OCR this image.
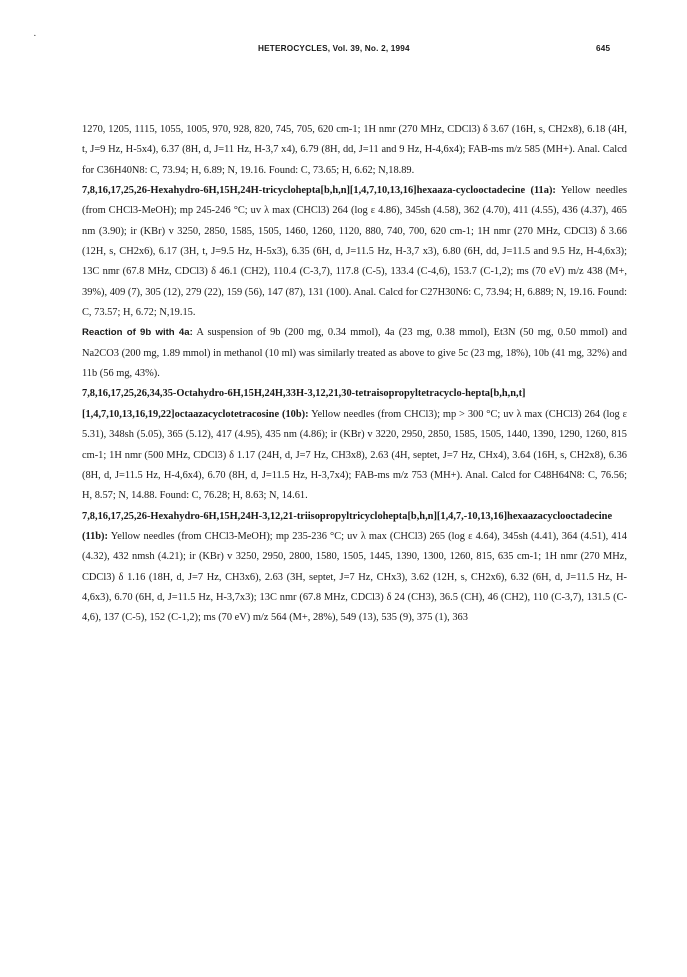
·
HETEROCYCLES, Vol. 39, No. 2, 1994	645

1270, 1205, 1115, 1055, 1005, 970, 928, 820, 745, 705, 620 cm-1; 1H nmr (270 MHz, CDCl3) δ 3.67 (16H, s, CH2x8), 6.18 (4H, t, J=9 Hz, H-5x4), 6.37 (8H, d, J=11 Hz, H-3,7 x4), 6.79 (8H, dd, J=11 and 9 Hz, H-4,6x4); FAB-ms m/z 585 (MH+). Anal. Calcd for C36H40N8: C, 73.94; H, 6.89; N, 19.16. Found: C, 73.65; H, 6.62; N,18.89.

7,8,16,17,25,26-Hexahydro-6H,15H,24H-tricyclohepta[b,h,n][1,4,7,10,13,16]hexaaza-cyclooctadecine (11a): Yellow needles (from CHCl3-MeOH); mp 245-246 °C; uv λ max (CHCl3) 264 (log ε 4.86), 345sh (4.58), 362 (4.70), 411 (4.55), 436 (4.37), 465 nm (3.90); ir (KBr) v 3250, 2850, 1585, 1505, 1460, 1260, 1120, 880, 740, 700, 620 cm-1; 1H nmr (270 MHz, CDCl3) δ 3.66 (12H, s, CH2x6), 6.17 (3H, t, J=9.5 Hz, H-5x3), 6.35 (6H, d, J=11.5 Hz, H-3,7 x3), 6.80 (6H, dd, J=11.5 and 9.5 Hz, H-4,6x3); 13C nmr (67.8 MHz, CDCl3) δ 46.1 (CH2), 110.4 (C-3,7), 117.8 (C-5), 133.4 (C-4,6), 153.7 (C-1,2); ms (70 eV) m/z 438 (M+, 39%), 409 (7), 305 (12), 279 (22), 159 (56), 147 (87), 131 (100). Anal. Calcd for C27H30N6: C, 73.94; H, 6.889; N, 19.16. Found: C, 73.57; H, 6.72; N,19.15.

Reaction of 9b with 4a: A suspension of 9b (200 mg, 0.34 mmol), 4a (23 mg, 0.38 mmol), Et3N (50 mg, 0.50 mmol) and Na2CO3 (200 mg, 1.89 mmol) in methanol (10 ml) was similarly treated as above to give 5c (23 mg, 18%), 10b (41 mg, 32%) and 11b (56 mg, 43%).

7,8,16,17,25,26,34,35-Octahydro-6H,15H,24H,33H-3,12,21,30-tetraisopropyltetracyclo-hepta[b,h,n,t][1,4,7,10,13,16,19,22]octaazacyclotetracosine (10b): Yellow needles (from CHCl3); mp > 300 °C; uv λ max (CHCl3) 264 (log ε 5.31), 348sh (5.05), 365 (5.12), 417 (4.95), 435 nm (4.86); ir (KBr) v 3220, 2950, 2850, 1585, 1505, 1440, 1390, 1290, 1260, 815 cm-1; 1H nmr (500 MHz, CDCl3) δ 1.17 (24H, d, J=7 Hz, CH3x8), 2.63 (4H, septet, J=7 Hz, CHx4), 3.64 (16H, s, CH2x8), 6.36 (8H, d, J=11.5 Hz, H-4,6x4), 6.70 (8H, d, J=11.5 Hz, H-3,7x4); FAB-ms m/z 753 (MH+). Anal. Calcd for C48H64N8: C, 76.56; H, 8.57; N, 14.88. Found: C, 76.28; H, 8.63; N, 14.61.

7,8,16,17,25,26-Hexahydro-6H,15H,24H-3,12,21-triisopropyltricyclohepta[b,h,n][1,4,7,-10,13,16]hexaazacyclooctadecine (11b): Yellow needles (from CHCl3-MeOH); mp 235-236 °C; uv λ max (CHCl3) 265 (log ε 4.64), 345sh (4.41), 364 (4.51), 414 (4.32), 432 nmsh (4.21); ir (KBr) v 3250, 2950, 2800, 1580, 1505, 1445, 1390, 1300, 1260, 815, 635 cm-1; 1H nmr (270 MHz, CDCl3) δ 1.16 (18H, d, J=7 Hz, CH3x6), 2.63 (3H, septet, J=7 Hz, CHx3), 3.62 (12H, s, CH2x6), 6.32 (6H, d, J=11.5 Hz, H-4,6x3), 6.70 (6H, d, J=11.5 Hz, H-3,7x3); 13C nmr (67.8 MHz, CDCl3) δ 24 (CH3), 36.5 (CH), 46 (CH2), 110 (C-3,7), 131.5 (C-4,6), 137 (C-5), 152 (C-1,2); ms (70 eV) m/z 564 (M+, 28%), 549 (13), 535 (9), 375 (1), 363
